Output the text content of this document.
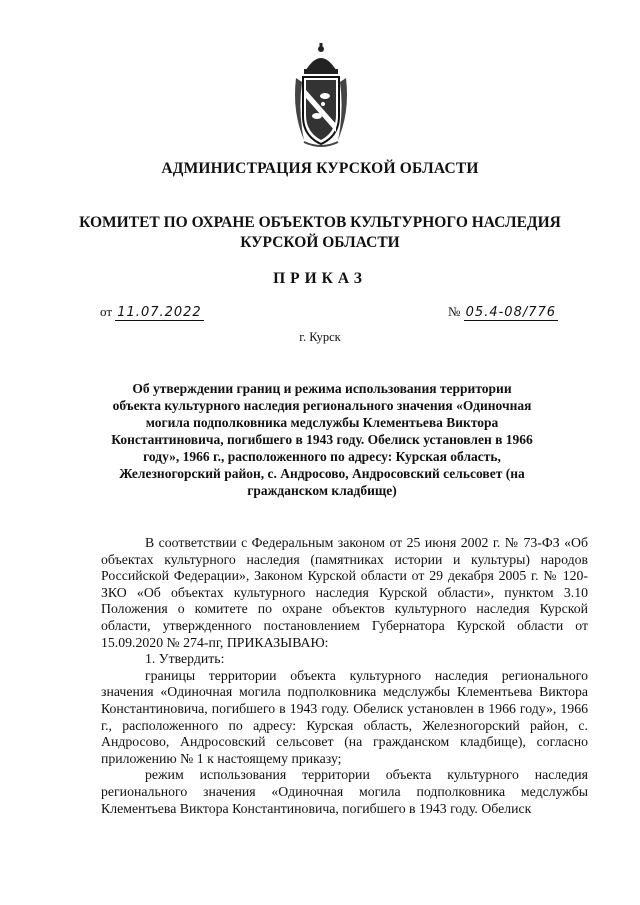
АДМИНИСТРАЦИЯ КУРСКОЙ ОБЛАСТИ
КОМИТЕТ ПО ОХРАНЕ ОБЪЕКТОВ КУЛЬТУРНОГО НАСЛЕДИЯ
КУРСКОЙ ОБЛАСТИ
ПРИКАЗ
от 11.07.2022	№ 05.4-08/776
г. Курск
Об утверждении границ и режима использования территории объекта культурного наследия регионального значения «Одиночная могила подполковника медслужбы Клементьева Виктора Константиновича, погибшего в 1943 году. Обелиск установлен в 1966 году», 1966 г., расположенного по адресу: Курская область, Железногорский район, с. Андросово, Андросовский сельсовет (на гражданском кладбище)

В соответствии с Федеральным законом от 25 июня 2002 г. № 73-ФЗ «Об объектах культурного наследия (памятниках истории и культуры) народов Российской Федерации», Законом Курской области от 29 декабря 2005 г. № 120-ЗКО «Об объектах культурного наследия Курской области», пунктом 3.10 Положения о комитете по охране объектов культурного наследия Курской области, утвержденного постановлением Губернатора Курской области от 15.09.2020 № 274-пг, ПРИКАЗЫВАЮ:

1. Утвердить:

границы территории объекта культурного наследия регионального значения «Одиночная могила подполковника медслужбы Клементьева Виктора Константиновича, погибшего в 1943 году. Обелиск установлен в 1966 году», 1966 г., расположенного по адресу: Курская область, Железногорский район, с. Андросово, Андросовский сельсовет (на гражданском кладбище), согласно приложению № 1 к настоящему приказу;

режим использования территории объекта культурного наследия регионального значения «Одиночная могила подполковника медслужбы Клементьева Виктора Константиновича, погибшего в 1943 году. Обелиск
